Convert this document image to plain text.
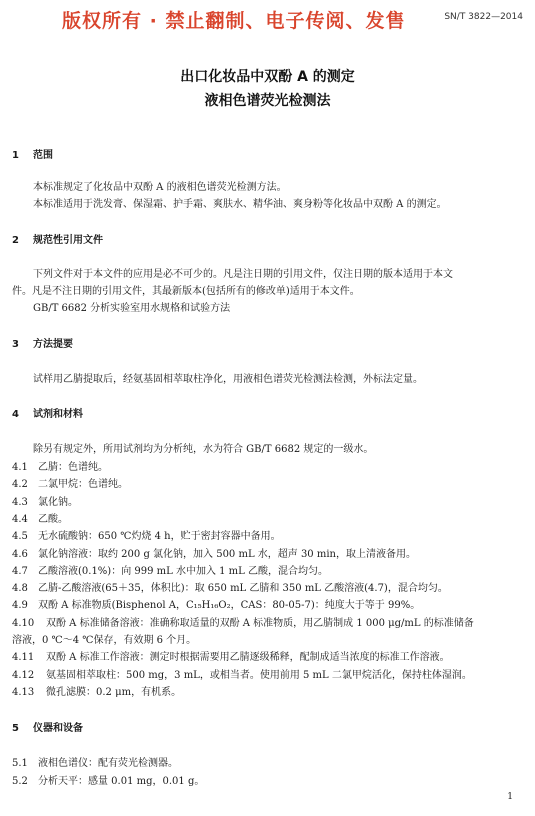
版权所有 · 禁止翻制、电子传阅、发售	SN/T 3822—2014
出口化妆品中双酚 A 的测定
液相色谱荧光检测法
1 范围
本标准规定了化妆品中双酚 A 的液相色谱荧光检测方法。
本标准适用于洗发膏、保湿霜、护手霜、爽肤水、精华油、爽身粉等化妆品中双酚 A 的测定。
2 规范性引用文件
下列文件对于本文件的应用是必不可少的。凡是注日期的引用文件，仅注日期的版本适用于本文
件。凡是不注日期的引用文件，其最新版本(包括所有的修改单)适用于本文件。
GB/T 6682 分析实验室用水规格和试验方法
3 方法提要
试样用乙腈提取后，经氨基固相萃取柱净化，用液相色谱荧光检测法检测，外标法定量。
4 试剂和材料
除另有规定外，所用试剂均为分析纯，水为符合 GB/T 6682 规定的一级水。
4.1 乙腈：色谱纯。
4.2 二氯甲烷：色谱纯。
4.3 氯化钠。
4.4 乙酸。
4.5 无水硫酸钠：650 ℃灼烧 4 h，贮于密封容器中备用。
4.6 氯化钠溶液：取约 200 g 氯化钠，加入 500 mL 水，超声 30 min，取上清液备用。
4.7 乙酸溶液(0.1%)：向 999 mL 水中加入 1 mL 乙酸，混合均匀。
4.8 乙腈-乙酸溶液(65＋35，体积比)：取 650 mL 乙腈和 350 mL 乙酸溶液(4.7)，混合均匀。
4.9 双酚 A 标准物质(Bisphenol A，C₁₅H₁₆O₂，CAS：80-05-7)：纯度大于等于 99%。
4.10 双酚 A 标准储备溶液：准确称取适量的双酚 A 标准物质，用乙腈制成 1 000 μg/mL 的标准储备
溶液，0 ℃～4 ℃保存，有效期 6 个月。
4.11 双酚 A 标准工作溶液：测定时根据需要用乙腈逐级稀释，配制成适当浓度的标准工作溶液。
4.12 氨基固相萃取柱：500 mg，3 mL，或相当者。使用前用 5 mL 二氯甲烷活化，保持柱体湿润。
4.13 微孔滤膜：0.2 μm，有机系。
5 仪器和设备
5.1 液相色谱仪：配有荧光检测器。
5.2 分析天平：感量 0.01 mg，0.01 g。
1
